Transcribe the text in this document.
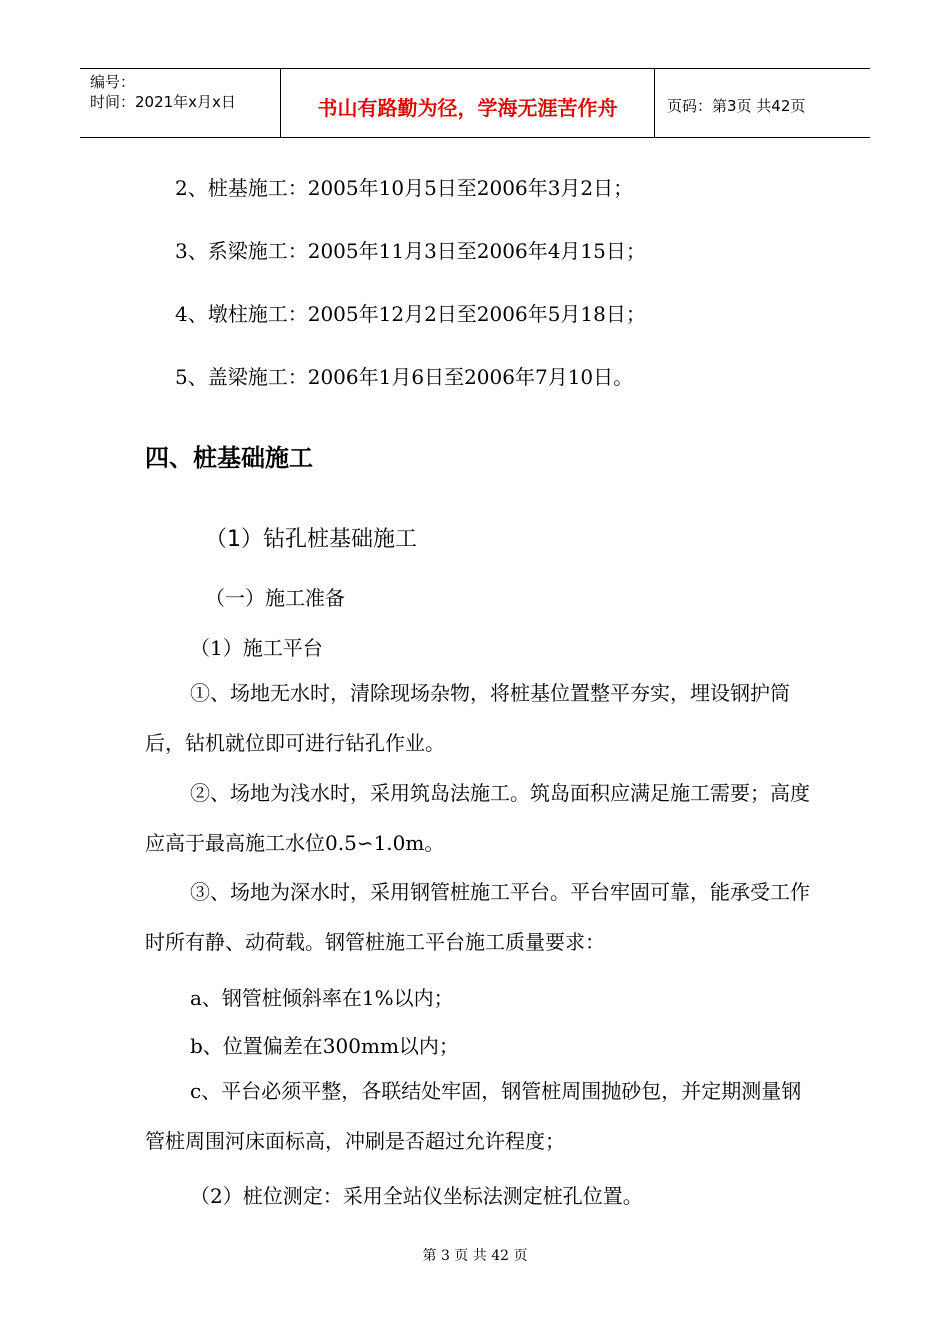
编号：
时间：2021年x月x日	书山有路勤为径，学海无涯苦作舟	页码：第3页 共42页
2、桩基施工：2005年10月5日至2006年3月2日；
3、系梁施工：2005年11月3日至2006年4月15日；
4、墩柱施工：2005年12月2日至2006年5月18日；
5、盖梁施工：2006年1月6日至2006年7月10日。
四、桩基础施工
（1）钻孔桩基础施工
（一）施工准备
（1）施工平台
①、场地无水时，清除现场杂物，将桩基位置整平夯实，埋设钢护筒后，钻机就位即可进行钻孔作业。
②、场地为浅水时，采用筑岛法施工。筑岛面积应满足施工需要；高度应高于最高施工水位0.5∽1.0m。
③、场地为深水时，采用钢管桩施工平台。平台牢固可靠，能承受工作时所有静、动荷载。钢管桩施工平台施工质量要求：
a、钢管桩倾斜率在1%以内；
b、位置偏差在300mm以内；
c、平台必须平整，各联结处牢固，钢管桩周围抛砂包，并定期测量钢管桩周围河床面标高，冲刷是否超过允许程度；
（2）桩位测定：采用全站仪坐标法测定桩孔位置。
第 3 页 共 42 页
